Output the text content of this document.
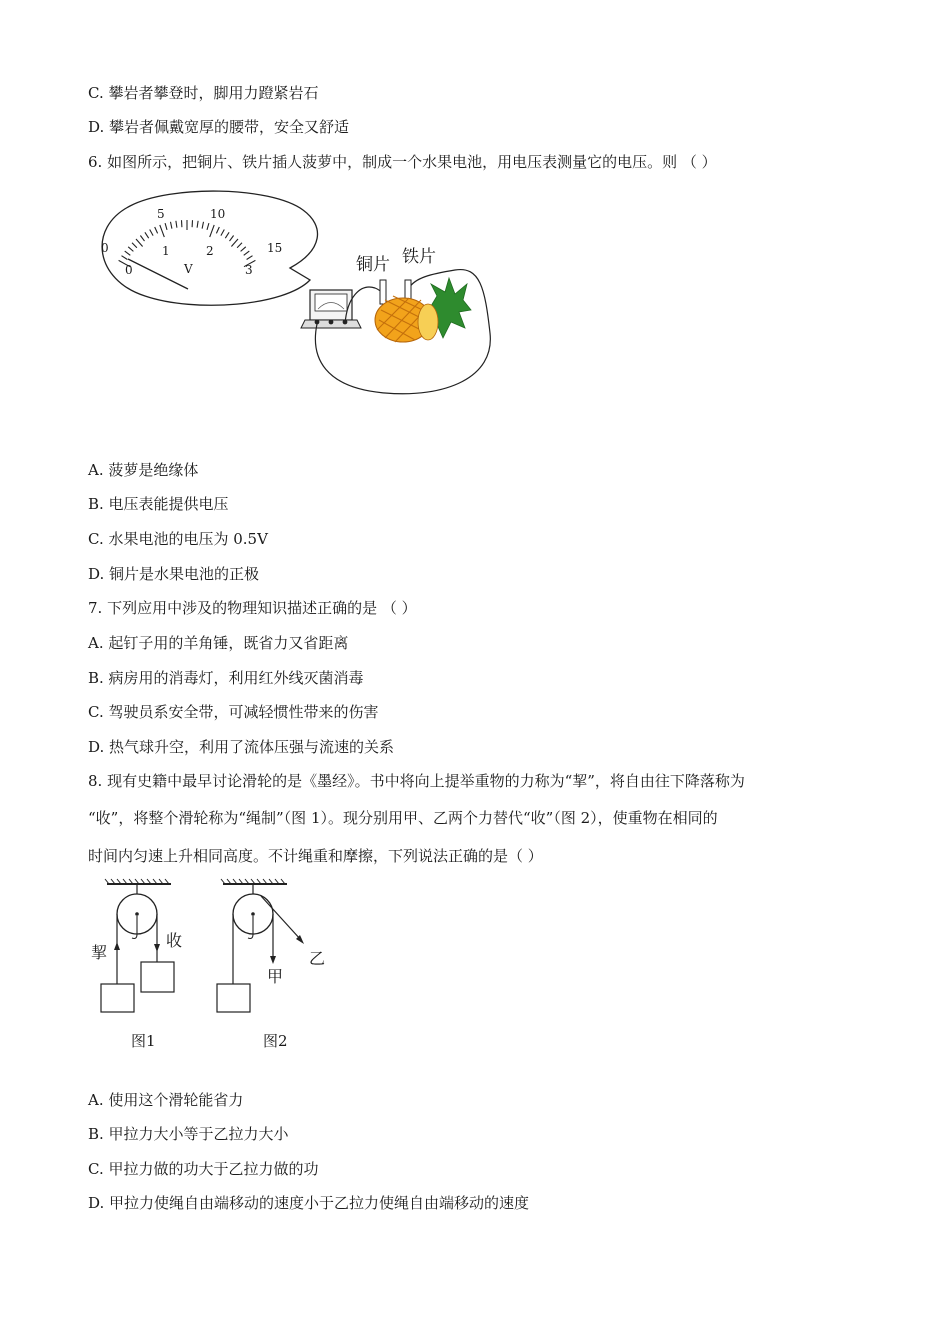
C. 攀岩者攀登时，脚用力蹬紧岩石
D. 攀岩者佩戴宽厚的腰带，安全又舒适
6. 如图所示，把铜片、铁片插人菠萝中，制成一个水果电池，用电压表测量它的电压。则 （ ）
0
5	10
15
0
1	2
3
V	铜片 铁片
A. 菠萝是绝缘体
B. 电压表能提供电压
C. 水果电池的电压为 0.5V
D. 铜片是水果电池的正极
7. 下列应用中涉及的物理知识描述正确的是 （ ）
A. 起钉子用的羊角锤，既省力又省距离
B. 病房用的消毒灯，利用红外线灭菌消毒
C. 驾驶员系安全带，可减轻惯性带来的伤害
D. 热气球升空，利用了流体压强与流速的关系
8. 现有史籍中最早讨论滑轮的是《墨经》。书中将向上提举重物的力称为“挈”，将自由往下降落称为
“收”，将整个滑轮称为“绳制”（图 1）。现分别用甲、乙两个力替代“收”（图 2），使重物在相同的
时间内匀速上升相同高度。不计绳重和摩擦，下列说法正确的是（ ）
挈
收
图1
甲
乙
图2
A. 使用这个滑轮能省力
B. 甲拉力大小等于乙拉力大小
C. 甲拉力做的功大于乙拉力做的功
D. 甲拉力使绳自由端移动的速度小于乙拉力使绳自由端移动的速度
